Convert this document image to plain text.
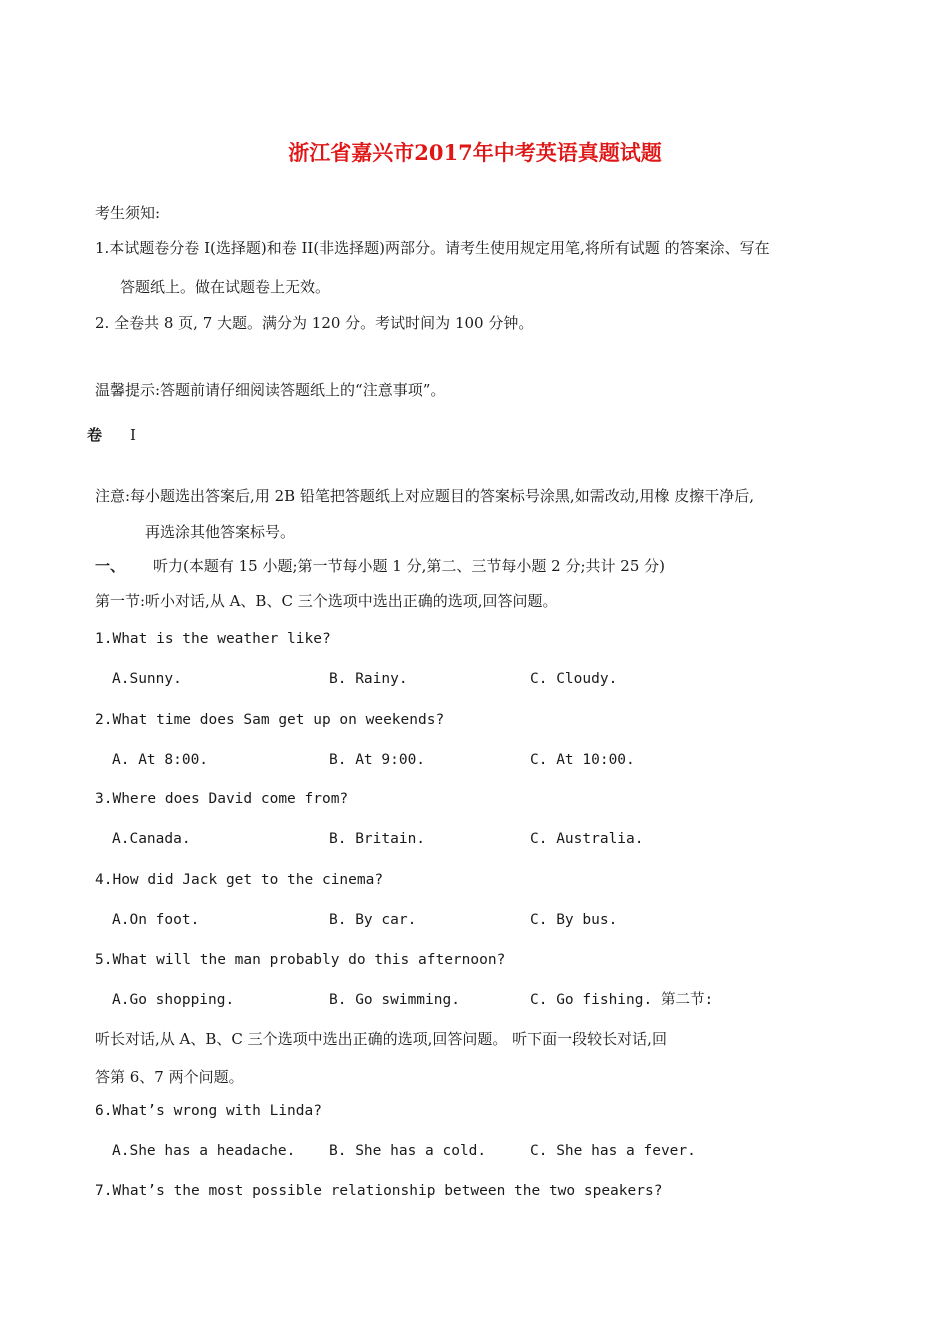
浙江省嘉兴市2017年中考英语真题试题
考生须知:
1.本试题卷分卷 I(选择题)和卷 II(非选择题)两部分。请考生使用规定用笔,将所有试题 的答案涂、写在
答题纸上。做在试题卷上无效。
2. 全卷共 8 页, 7 大题。满分为 120 分。考试时间为 100 分钟。
温馨提示:答题前请仔细阅读答题纸上的“注意事项”。
卷 I
注意:每小题选出答案后,用 2B 铅笔把答题纸上对应题目的答案标号涂黑,如需改动,用橡 皮擦干净后,
再选涂其他答案标号。
一、 听力(本题有 15 小题;第一节每小题 1 分,第二、三节每小题 2 分;共计 25 分)
第一节:听小对话,从 A、B、C 三个选项中选出正确的选项,回答问题。
1.What is the weather like?
A.Sunny.	B. Rainy.	C. Cloudy.
2.What time does Sam get up on weekends?
A. At 8:00.	B. At 9:00.	C. At 10:00.
3.Where does David come from?
A.Canada.	B. Britain.	C. Australia.
4.How did Jack get to the cinema?
A.On foot.	B. By car.	C. By bus.
5.What will the man probably do this afternoon?
A.Go shopping.	B. Go swimming.	C. Go fishing. 第二节:
听长对话,从 A、B、C 三个选项中选出正确的选项,回答问题。 听下面一段较长对话,回
答第 6、7 两个问题。
6.What’s wrong with Linda?
A.She has a headache. B. She has a cold.	C. She has a fever.
7.What’s the most possible relationship between the two speakers?
